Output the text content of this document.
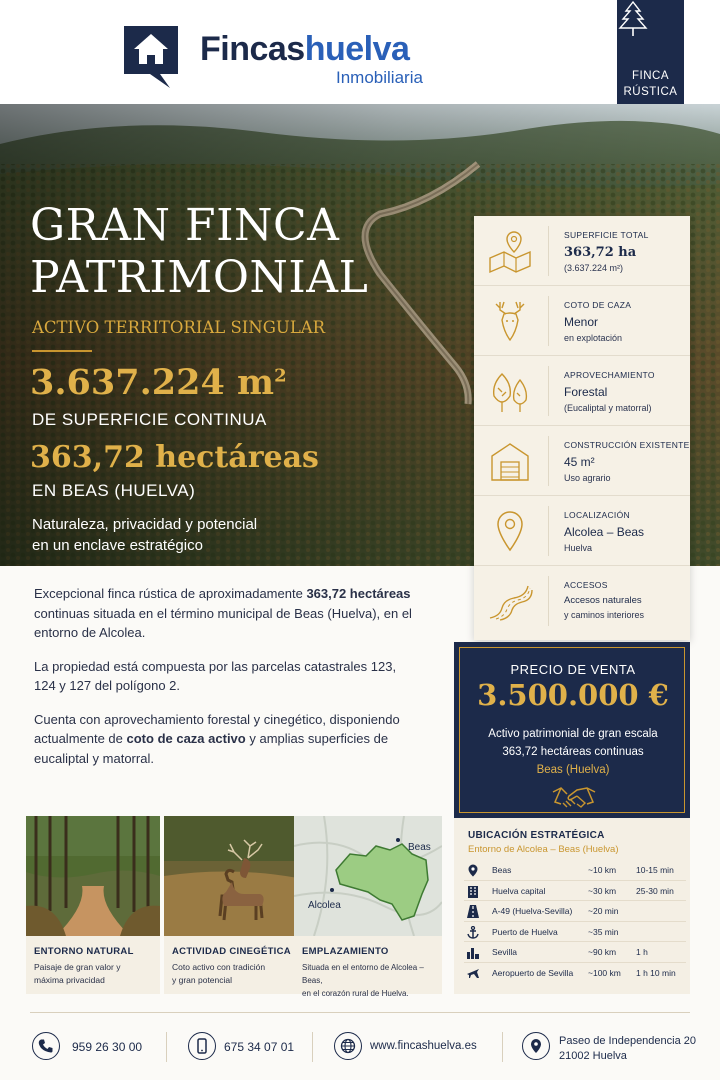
Fincashuelva
Inmobiliaria	FINCA
RÚSTICA
GRAN FINCA
PATRIMONIAL
ACTIVO TERRITORIAL SINGULAR
3.637.224 $m^2$
DE SUPERFICIE CONTINUA
363,72 hectáreas
EN BEAS (HUELVA)
Naturaleza, privacidad y potencial
en un enclave estratégico
SUPERFICIE TOTAL
363,72 ha
(3.637.224 m²)
COTO DE CAZA
Menor
en explotación
APROVECHAMIENTO
Forestal
(Eucaliptal y matorral)
CONSTRUCCIÓN EXISTENTE
45 m²
Uso agrario
LOCALIZACIÓN
Alcolea – Beas
Huelva
ACCESOS
Accesos naturales
y caminos interiores

Excepcional finca rústica de aproximadamente 363,72 hectáreas continuas situada en el término municipal de Beas (Huelva), en el entorno de Alcolea.

La propiedad está compuesta por las parcelas catastrales 123, 124 y 127 del polígono 2.

Cuenta con aprovechamiento forestal y cinegético, disponiendo actualmente de coto de caza activo y amplias superficies de eucaliptal y matorral.

PRECIO DE VENTA
3.500.000 €
Activo patrimonial de gran escala
363,72 hectáreas continuas
Beas (Huelva)
ENTORNO NATURAL
Paisaje de gran valor y
máxima privacidad
ACTIVIDAD CINEGÉTICA
Coto activo con tradición
y gran potencial
Beas
Alcolea
EMPLAZAMIENTO
Situada en el entorno de Alcolea – Beas,
en el corazón rural de Huelva.
UBICACIÓN ESTRATÉGICA
Entorno de Alcolea – Beas (Huelva)
Beas	~10 km 10-15 min
Huelva capital	~30 km 25-30 min
A-49 (Huelva-Sevilla) ~20 min
Puerto de Huelva	~35 min
Sevilla	~90 km 1 h
Aeropuerto de Sevilla ~100 km 1 h 10 min
959 26 30 00	675 34 07 01	www.fincashuelva.es	Paseo de Independencia 20
21002 Huelva
